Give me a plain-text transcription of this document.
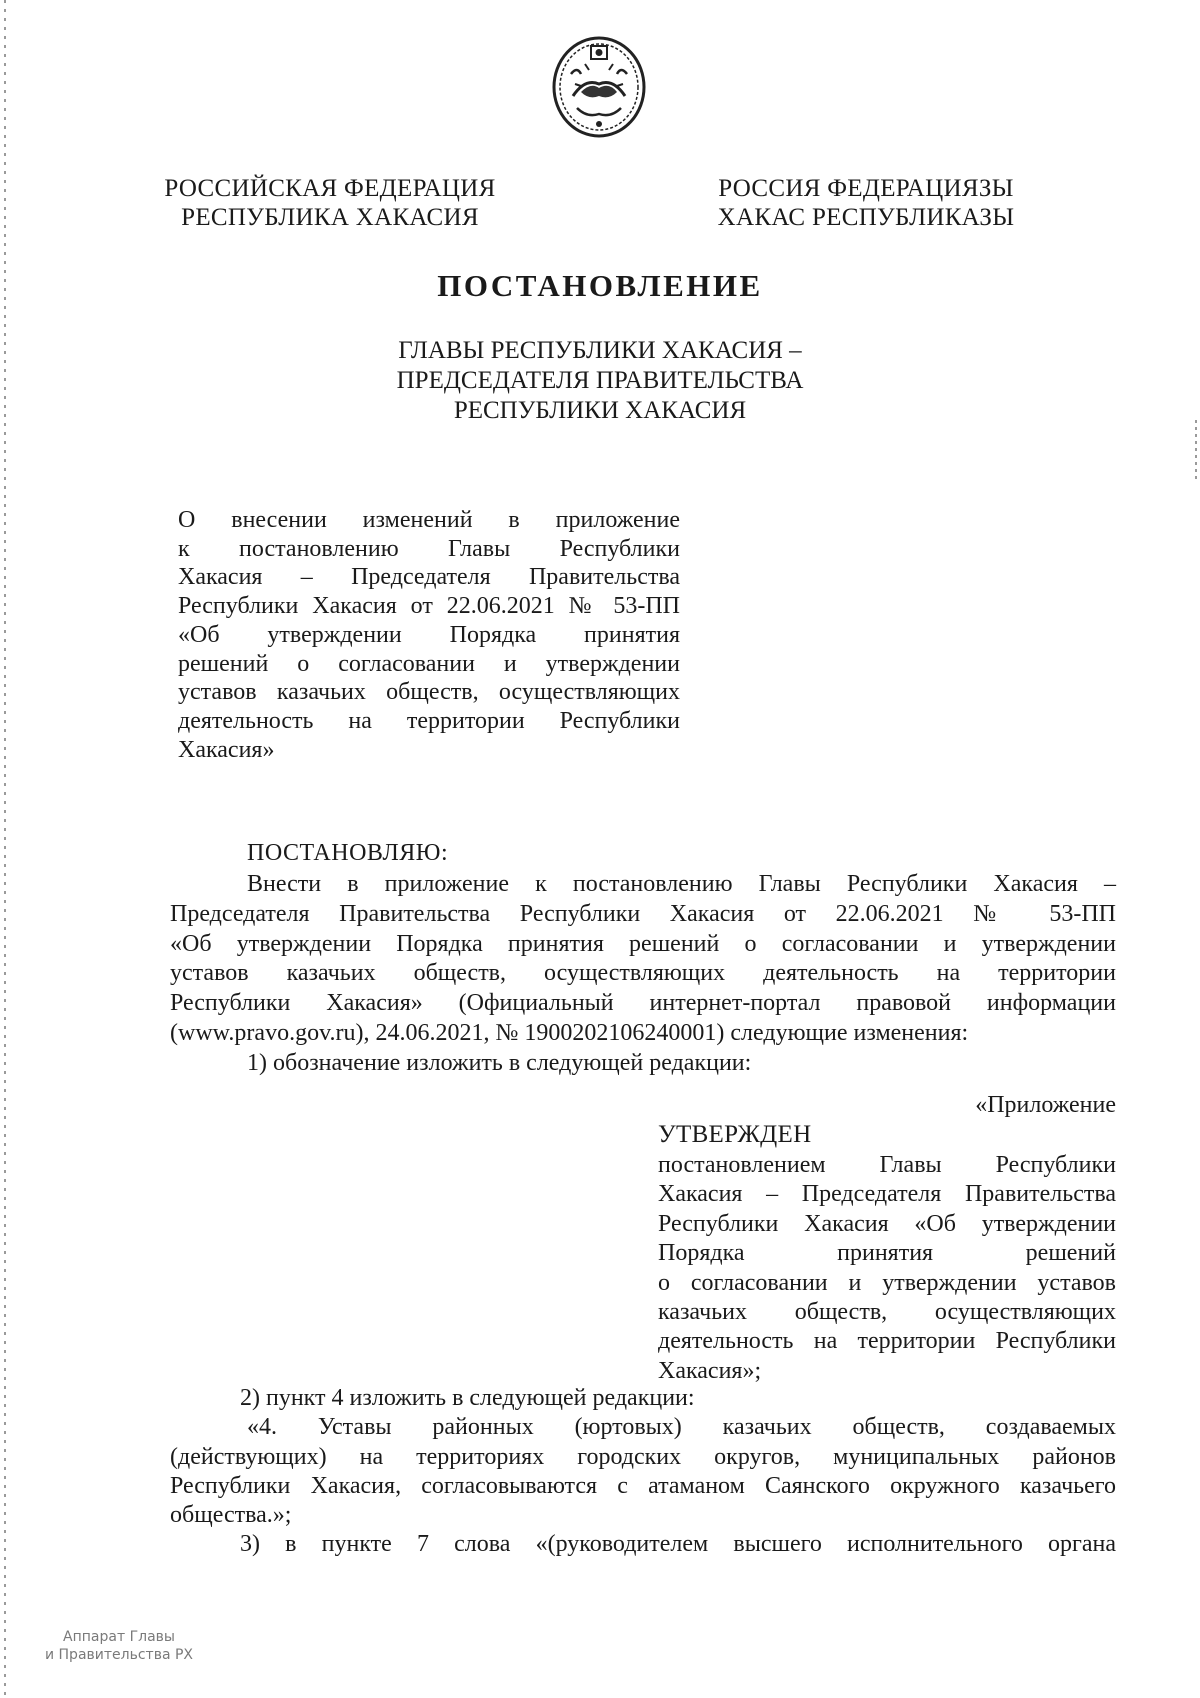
РОССИЙСКАЯ ФЕДЕРАЦИЯ
РЕСПУБЛИКА ХАКАСИЯ
РОССИЯ ФЕДЕРАЦИЯЗЫ
ХАКАС РЕСПУБЛИКАЗЫ
ПОСТАНОВЛЕНИЕ
ГЛАВЫ РЕСПУБЛИКИ ХАКАСИЯ –
ПРЕДСЕДАТЕЛЯ ПРАВИТЕЛЬСТВА
РЕСПУБЛИКИ ХАКАСИЯ
О внесении изменений в приложение
к постановлению Главы Республики
Хакасия – Председателя Правительства
Республики Хакасия от 22.06.2021 № 53-ПП
«Об утверждении Порядка принятия
решений о согласовании и утверждении
уставов казачьих обществ, осуществляющих
деятельность на территории Республики
Хакасия»
ПОСТАНОВЛЯЮ:
Внести в приложение к постановлению Главы Республики Хакасия –
Председателя Правительства Республики Хакасия от 22.06.2021 № 53-ПП
«Об утверждении Порядка принятия решений о согласовании и утверждении
уставов казачьих обществ, осуществляющих деятельность на территории
Республики Хакасия» (Официальный интернет-портал правовой информации
(www.pravo.gov.ru), 24.06.2021, № 1900202106240001) следующие изменения:
1) обозначение изложить в следующей редакции:
«Приложение
УТВЕРЖДЕН
постановлением Главы Республики
Хакасия – Председателя Правительства
Республики Хакасия «Об утверждении
Порядка принятия решений
о согласовании и утверждении уставов
казачьих обществ, осуществляющих
деятельность на территории Республики
Хакасия»;
2) пункт 4 изложить в следующей редакции:
«4. Уставы районных (юртовых) казачьих обществ, создаваемых
(действующих) на территориях городских округов, муниципальных районов
Республики Хакасия, согласовываются с атаманом Саянского окружного казачьего
общества.»;
3) в пункте 7 слова «(руководителем высшего исполнительного органа
Аппарат Главы
и Правительства РХ
